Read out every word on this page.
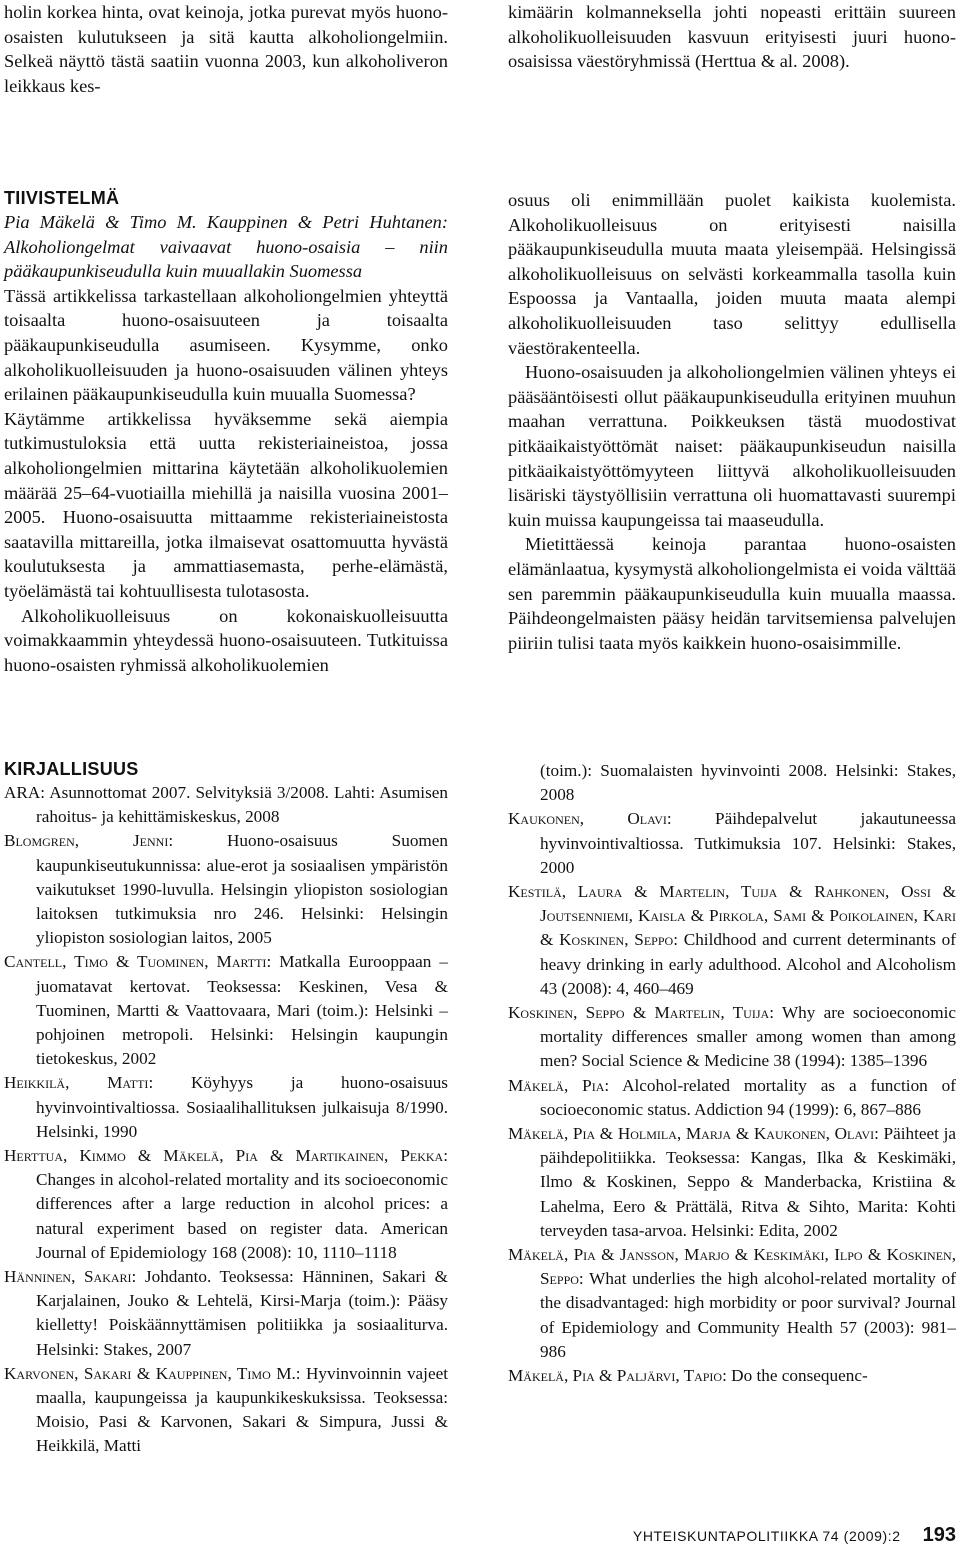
holin korkea hinta, ovat keinoja, jotka purevat myös huono-osaisten kulutukseen ja sitä kautta alkoholiongelmiin. Selkeä näyttö tästä saatiin vuonna 2003, kun alkoholiveron leikkaus kes-

kimäärin kolmanneksella johti nopeasti erittäin suureen alkoholikuolleisuuden kasvuun erityisesti juuri huono-osaisissa väestöryhmissä (Herttua & al. 2008).

TIIVISTELMÄ

Pia Mäkelä & Timo M. Kauppinen & Petri Huhtanen: Alkoholiongelmat vaivaavat huono-osaisia – niin pääkaupunkiseudulla kuin muuallakin Suomessa

Tässä artikkelissa tarkastellaan alkoholiongelmien yhteyttä toisaalta huono-osaisuuteen ja toisaalta pääkaupunkiseudulla asumiseen. Kysymme, onko alkoholikuolleisuuden ja huono-osaisuuden välinen yhteys erilainen pääkaupunkiseudulla kuin muualla Suomessa?

Käytämme artikkelissa hyväksemme sekä aiempia tutkimustuloksia että uutta rekisteriaineistoa, jossa alkoholiongelmien mittarina käytetään alkoholikuolemien määrää 25–64-vuotiailla miehillä ja naisilla vuosina 2001–2005. Huono-osaisuutta mittaamme rekisteriaineistosta saatavilla mittareilla, jotka ilmaisevat osattomuutta hyvästä koulutuksesta ja ammattiasemasta, perhe-elämästä, työelämästä tai kohtuullisesta tulotasosta.

Alkoholikuolleisuus on kokonaiskuolleisuutta voimakkaammin yhteydessä huono-osaisuuteen. Tutkituissa huono-osaisten ryhmissä alkoholikuolemien

osuus oli enimmillään puolet kaikista kuolemista. Alkoholikuolleisuus on erityisesti naisilla pääkaupunkiseudulla muuta maata yleisempää. Helsingissä alkoholikuolleisuus on selvästi korkeammalla tasolla kuin Espoossa ja Vantaalla, joiden muuta maata alempi alkoholikuolleisuuden taso selittyy edullisella väestörakenteella.

Huono-osaisuuden ja alkoholiongelmien välinen yhteys ei pääsääntöisesti ollut pääkaupunkiseudulla erityinen muuhun maahan verrattuna. Poikkeuksen tästä muodostivat pitkäaikaistyöttömät naiset: pääkaupunkiseudun naisilla pitkäaikaistyöttömyyteen liittyvä alkoholikuolleisuuden lisäriski täystyöllisiin verrattuna oli huomattavasti suurempi kuin muissa kaupungeissa tai maaseudulla.

Mietittäessä keinoja parantaa huono-osaisten elämänlaatua, kysymystä alkoholiongelmista ei voida välttää sen paremmin pääkaupunkiseudulla kuin muualla maassa. Päihdeongelmaisten pääsy heidän tarvitsemiensa palvelujen piiriin tulisi taata myös kaikkein huono-osaisimmille.

KIRJALLISUUS

ARA: Asunnottomat 2007. Selvityksiä 3/2008. Lahti: Asumisen rahoitus- ja kehittämiskeskus, 2008

Blomgren, Jenni: Huono-osaisuus Suomen kaupunkiseutukunnissa: alue-erot ja sosiaalisen ympäristön vaikutukset 1990-luvulla. Helsingin yliopiston sosiologian laitoksen tutkimuksia nro 246. Helsinki: Helsingin yliopiston sosiologian laitos, 2005

Cantell, Timo & Tuominen, Martti: Matkalla Eurooppaan – juomatavat kertovat. Teoksessa: Keskinen, Vesa & Tuominen, Martti & Vaattovaara, Mari (toim.): Helsinki – pohjoinen metropoli. Helsinki: Helsingin kaupungin tietokeskus, 2002

Heikkilä, Matti: Köyhyys ja huono-osaisuus hyvinvointivaltiossa. Sosiaalihallituksen julkaisuja 8/1990. Helsinki, 1990

Herttua, Kimmo & Mäkelä, Pia & Martikainen, Pekka: Changes in alcohol-related mortality and its socioeconomic differences after a large reduction in alcohol prices: a natural experiment based on register data. American Journal of Epidemiology 168 (2008): 10, 1110–1118

Hänninen, Sakari: Johdanto. Teoksessa: Hänninen, Sakari & Karjalainen, Jouko & Lehtelä, Kirsi-Marja (toim.): Pääsy kielletty! Poiskäännyttämisen politiikka ja sosiaaliturva. Helsinki: Stakes, 2007

Karvonen, Sakari & Kauppinen, Timo M.: Hyvinvoinnin vajeet maalla, kaupungeissa ja kaupunkikeskuksissa. Teoksessa: Moisio, Pasi & Karvonen, Sakari & Simpura, Jussi & Heikkilä, Matti

(toim.): Suomalaisten hyvinvointi 2008. Helsinki: Stakes, 2008

Kaukonen, Olavi: Päihdepalvelut jakautuneessa hyvinvointivaltiossa. Tutkimuksia 107. Helsinki: Stakes, 2000

Kestilä, Laura & Martelin, Tuija & Rahkonen, Ossi & Joutsenniemi, Kaisla & Pirkola, Sami & Poikolainen, Kari & Koskinen, Seppo: Childhood and current determinants of heavy drinking in early adulthood. Alcohol and Alcoholism 43 (2008): 4, 460–469

Koskinen, Seppo & Martelin, Tuija: Why are socioeconomic mortality differences smaller among women than among men? Social Science & Medicine 38 (1994): 1385–1396

Mäkelä, Pia: Alcohol-related mortality as a function of socioeconomic status. Addiction 94 (1999): 6, 867–886

Mäkelä, Pia & Holmila, Marja & Kaukonen, Olavi: Päihteet ja päihdepolitiikka. Teoksessa: Kangas, Ilka & Keskimäki, Ilmo & Koskinen, Seppo & Manderbacka, Kristiina & Lahelma, Eero & Prättälä, Ritva & Sihto, Marita: Kohti terveyden tasa-arvoa. Helsinki: Edita, 2002

Mäkelä, Pia & Jansson, Marjo & Keskimäki, Ilpo & Koskinen, Seppo: What underlies the high alcohol-related mortality of the disadvantaged: high morbidity or poor survival? Journal of Epidemiology and Community Health 57 (2003): 981–986

Mäkelä, Pia & Paljärvi, Tapio: Do the consequenc-

YHTEISKUNTAPOLITIIKKA 74 (2009):2 193
